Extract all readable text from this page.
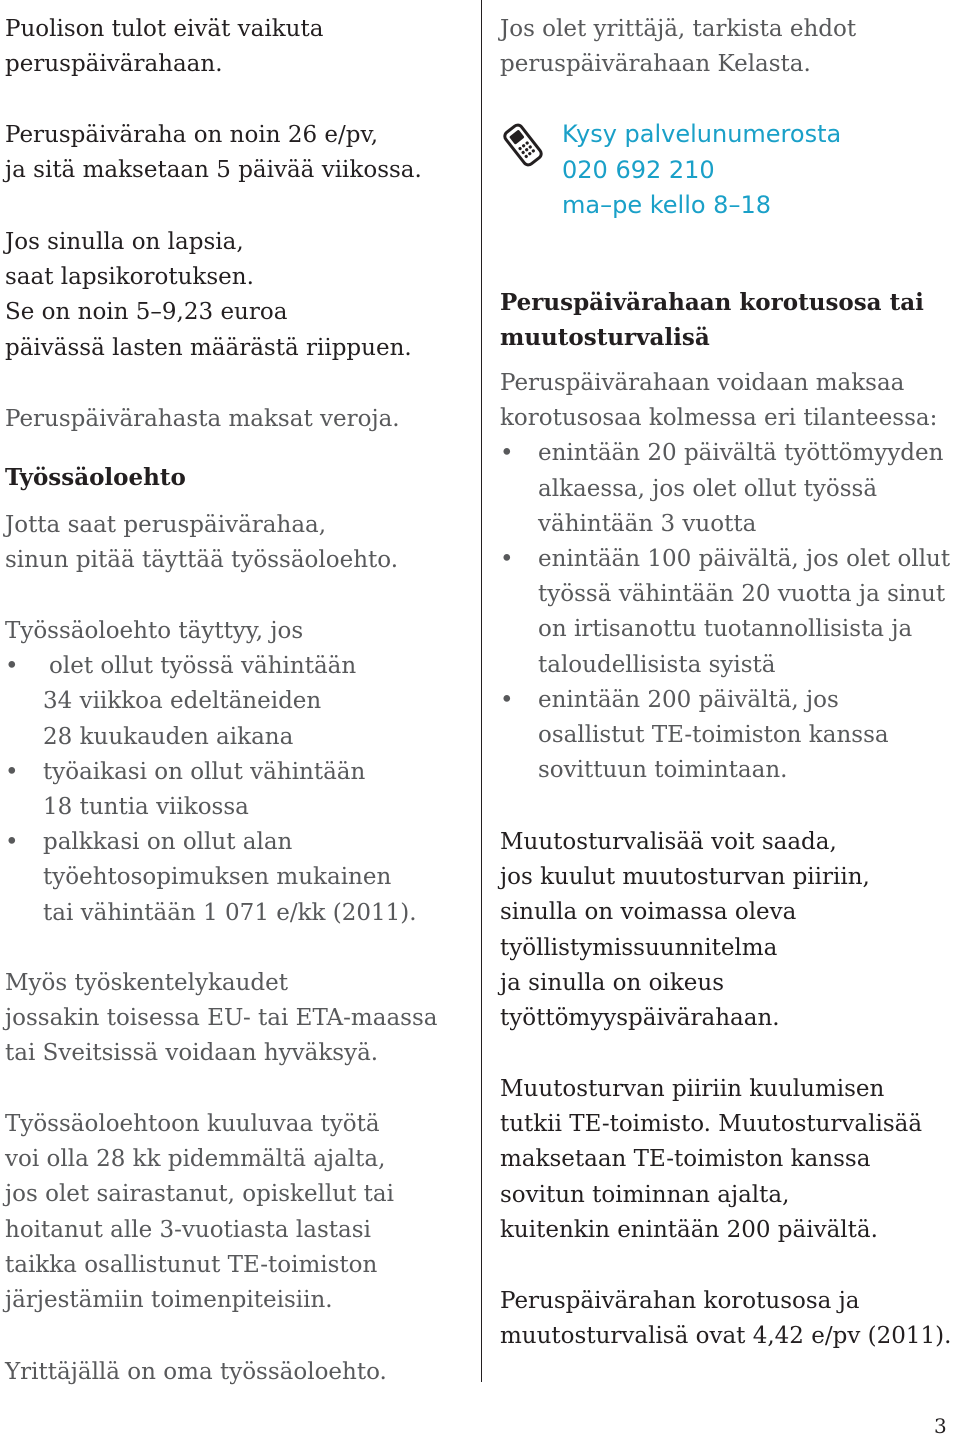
Puolison tulot eivät vaikuta
peruspäivärahaan.
Peruspäiväraha on noin 26 e/pv,
ja sitä maksetaan 5 päivää viikossa.
Jos sinulla on lapsia,
saat lapsikorotuksen.
Se on noin 5–9,23 euroa
päivässä lasten määrästä riippuen.
Peruspäivärahasta maksat veroja.
Työssäoloehto
Jotta saat peruspäivärahaa,
sinun pitää täyttää työssäoloehto.
Työssäoloehto täyttyy, jos
•	olet ollut työssä vähintään
34 viikkoa edeltäneiden
28 kuukauden aikana
•	työaikasi on ollut vähintään
18 tuntia viikossa
•	palkkasi on ollut alan
työehtosopimuksen mukainen
tai vähintään 1 071 e/kk (2011).
Myös työskentelykaudet
jossakin toisessa EU- tai ETA-maassa
tai Sveitsissä voidaan hyväksyä.
Työssäoloehtoon kuuluvaa työtä
voi olla 28 kk pidemmältä ajalta,
jos olet sairastanut, opiskellut tai
hoitanut alle 3-vuotiasta lastasi
taikka osallistunut TE-toimiston
järjestämiin toimenpiteisiin.
Yrittäjällä on oma työssäoloehto.
Jos olet yrittäjä, tarkista ehdot
peruspäivärahaan Kelasta.
Kysy palvelunumerosta
020 692 210
ma–pe kello 8–18
Peruspäivärahaan korotusosa tai
muutosturvalisä
Peruspäivärahaan voidaan maksaa
korotusosaa kolmessa eri tilanteessa:
•	enintään 20 päivältä työttömyyden
alkaessa, jos olet ollut työssä
vähintään 3 vuotta
•	enintään 100 päivältä, jos olet ollut
työssä vähintään 20 vuotta ja sinut
on irtisanottu tuotannollisista ja
taloudellisista syistä
•	enintään 200 päivältä, jos
osallistut TE-toimiston kanssa
sovittuun toimintaan.
Muutosturvalisää voit saada,
jos kuulut muutosturvan piiriin,
sinulla on voimassa oleva
työllistymissuunnitelma
ja sinulla on oikeus
työttömyyspäivärahaan.
Muutosturvan piiriin kuulumisen
tutkii TE-toimisto. Muutosturvalisää
maksetaan TE-toimiston kanssa
sovitun toiminnan ajalta,
kuitenkin enintään 200 päivältä.
Peruspäivärahan korotusosa ja
muutosturvalisä ovat 4,42 e/pv (2011).
3
